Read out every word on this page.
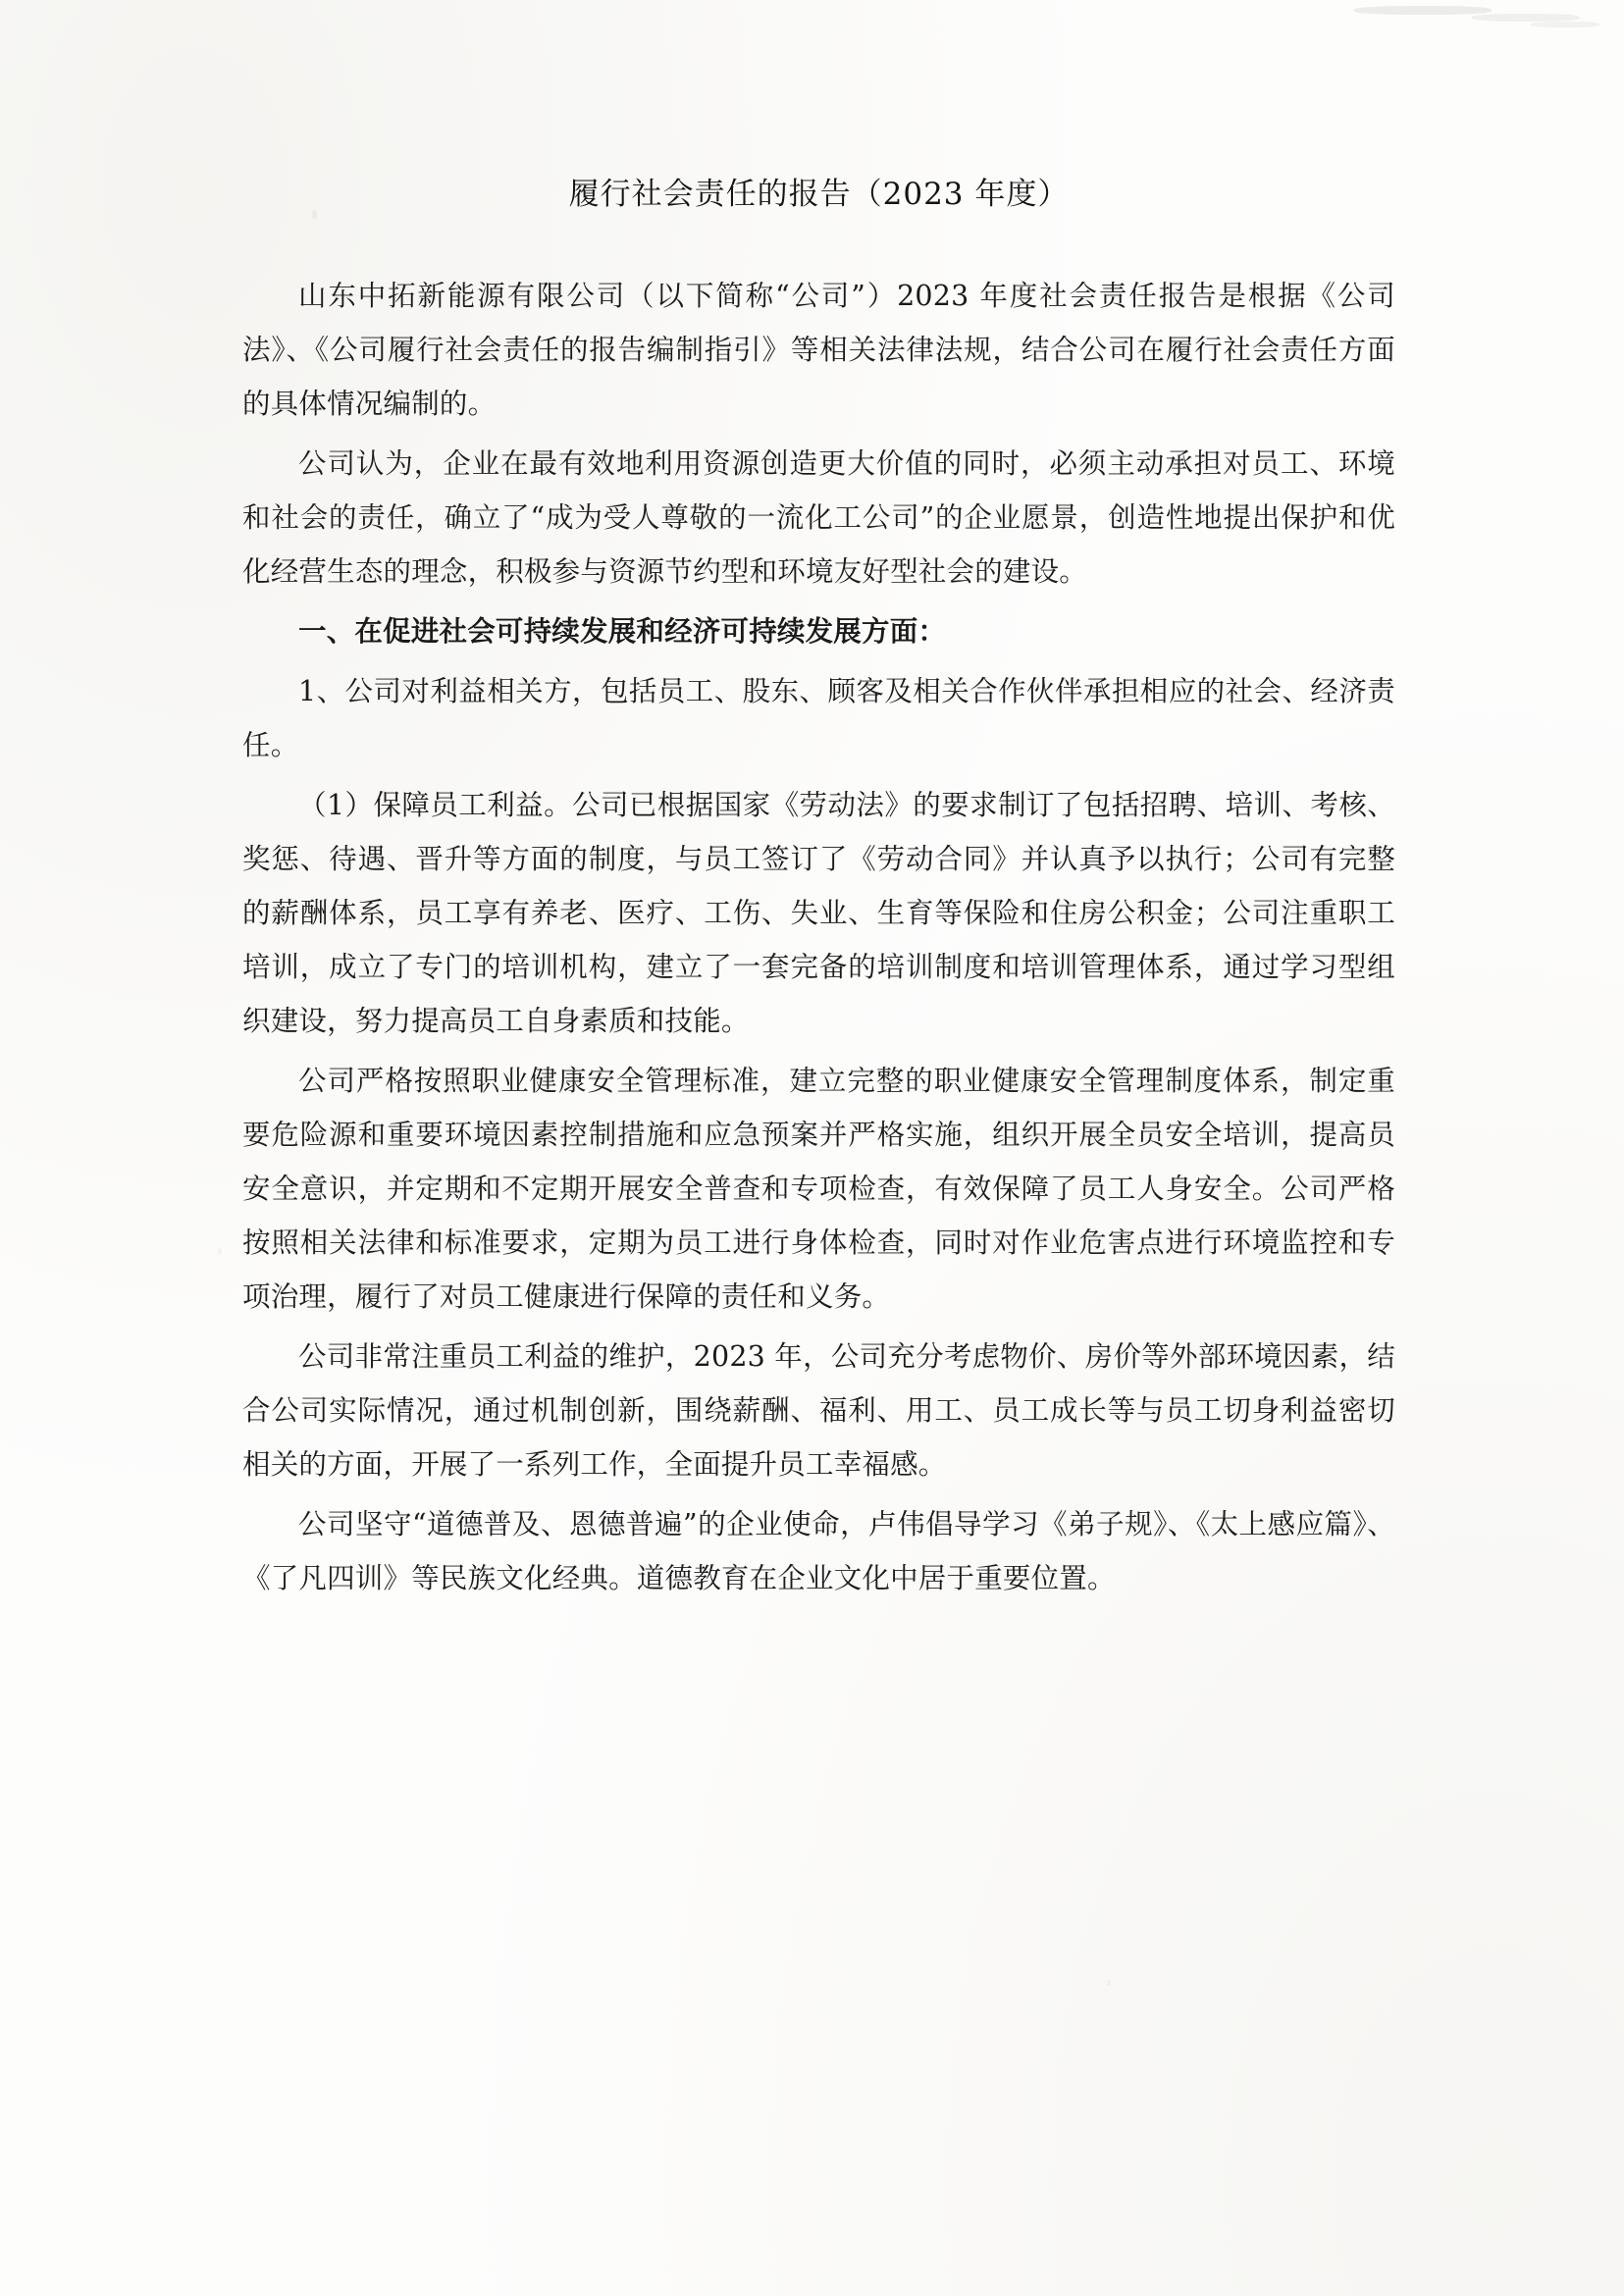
履行社会责任的报告（2023 年度）

山东中拓新能源有限公司（以下简称“公司”）2023 年度社会责任报告是根据《公司法》、《公司履行社会责任的报告编制指引》等相关法律法规，结合公司在履行社会责任方面的具体情况编制的。

公司认为，企业在最有效地利用资源创造更大价值的同时，必须主动承担对员工、环境和社会的责任，确立了“成为受人尊敬的一流化工公司”的企业愿景，创造性地提出保护和优化经营生态的理念，积极参与资源节约型和环境友好型社会的建设。

一、在促进社会可持续发展和经济可持续发展方面：

1、公司对利益相关方，包括员工、股东、顾客及相关合作伙伴承担相应的社会、经济责任。

（1）保障员工利益。公司已根据国家《劳动法》的要求制订了包括招聘、培训、考核、奖惩、待遇、晋升等方面的制度，与员工签订了《劳动合同》并认真予以执行；公司有完整的薪酬体系，员工享有养老、医疗、工伤、失业、生育等保险和住房公积金；公司注重职工培训，成立了专门的培训机构，建立了一套完备的培训制度和培训管理体系，通过学习型组织建设，努力提高员工自身素质和技能。

公司严格按照职业健康安全管理标准，建立完整的职业健康安全管理制度体系，制定重要危险源和重要环境因素控制措施和应急预案并严格实施，组织开展全员安全培训，提高员安全意识，并定期和不定期开展安全普查和专项检查，有效保障了员工人身安全。公司严格按照相关法律和标准要求，定期为员工进行身体检查，同时对作业危害点进行环境监控和专项治理，履行了对员工健康进行保障的责任和义务。

公司非常注重员工利益的维护，2023 年，公司充分考虑物价、房价等外部环境因素，结合公司实际情况，通过机制创新，围绕薪酬、福利、用工、员工成长等与员工切身利益密切相关的方面，开展了一系列工作，全面提升员工幸福感。

公司坚守“道德普及、恩德普遍”的企业使命，卢伟倡导学习《弟子规》、《太上感应篇》、《了凡四训》等民族文化经典。道德教育在企业文化中居于重要位置。
